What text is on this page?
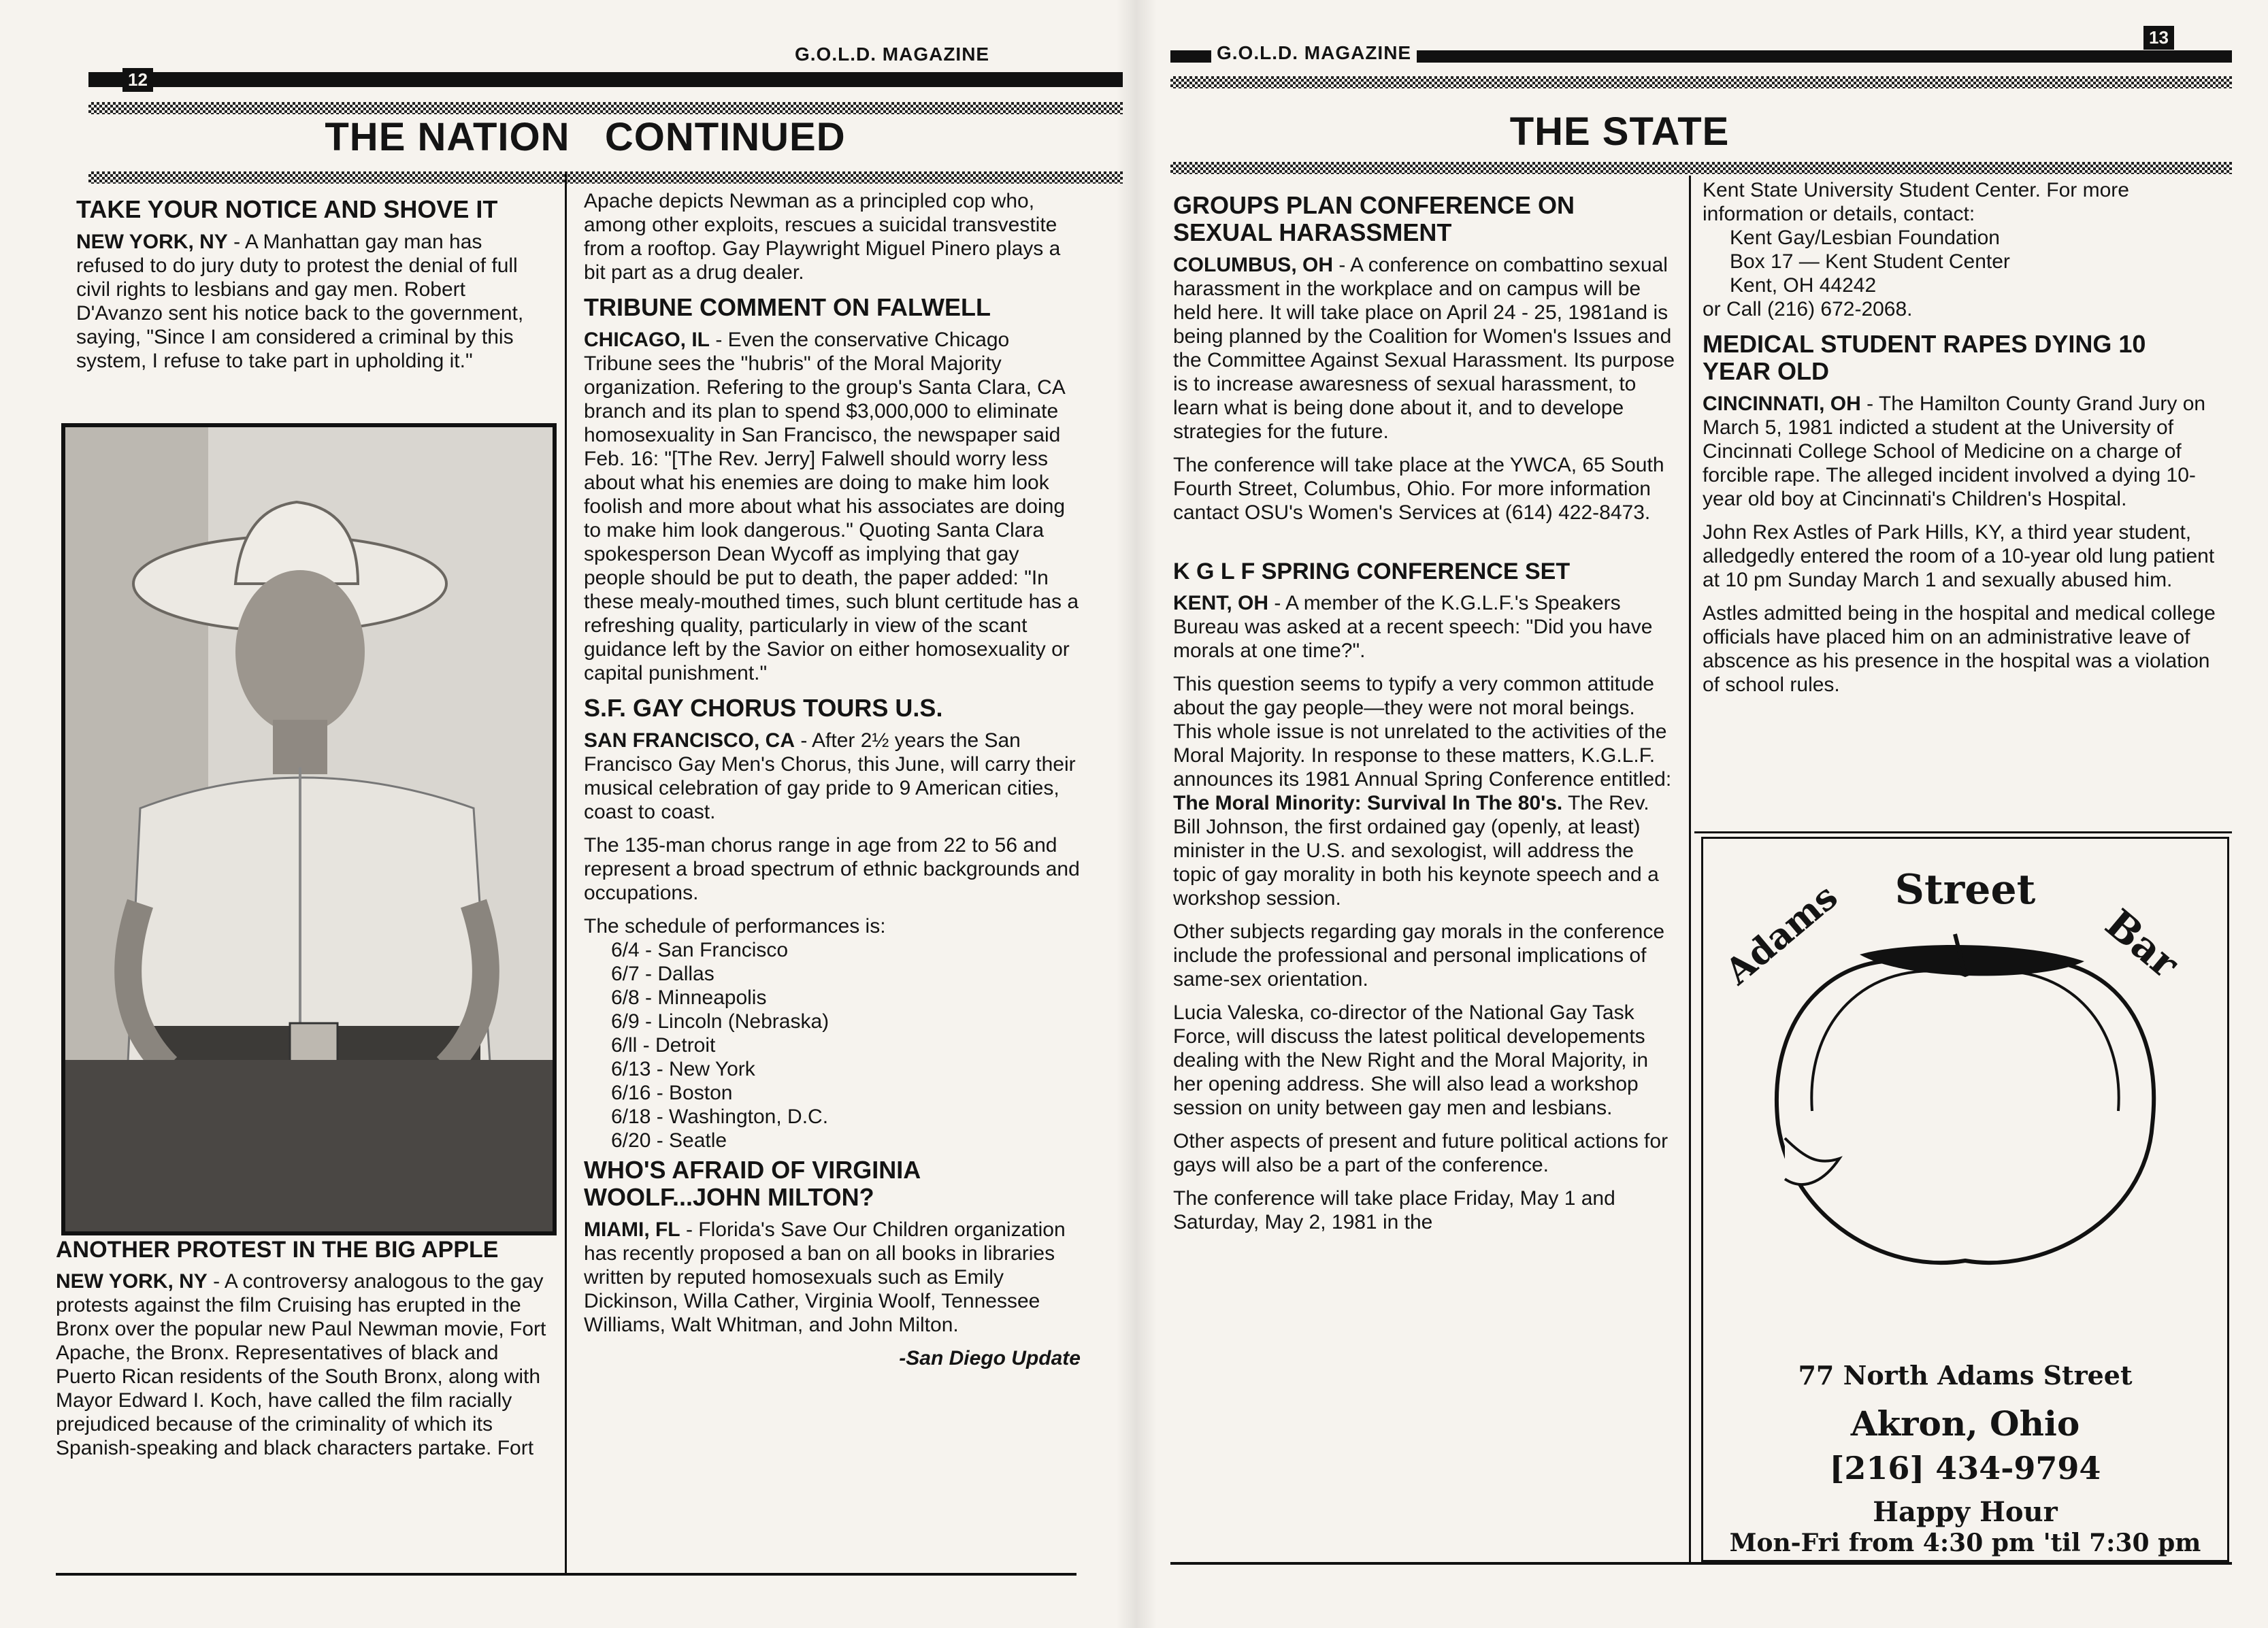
12
G.O.L.D. MAGAZINE
THE NATION   CONTINUED
TAKE YOUR NOTICE AND SHOVE IT

NEW YORK, NY - A Manhattan gay man has refused to do jury duty to protest the denial of full civil rights to lesbians and gay men. Robert D'Avanzo sent his notice back to the government, saying, "Since I am considered a criminal by this system, I refuse to take part in upholding it."

ANOTHER PROTEST IN THE BIG APPLE

NEW YORK, NY - A controversy analogous to the gay protests against the film Cruising has erupted in the Bronx over the popular new Paul Newman movie, Fort Apache, the Bronx. Representatives of black and Puerto Rican residents of the South Bronx, along with Mayor Edward I. Koch, have called the film racially prejudiced because of the criminality of which its Spanish-speaking and black characters partake. Fort

Apache depicts Newman as a principled cop who, among other exploits, rescues a suicidal transvestite from a rooftop. Gay Playwright Miguel Pinero plays a bit part as a drug dealer.

TRIBUNE COMMENT ON FALWELL

CHICAGO, IL - Even the conservative Chicago Tribune sees the "hubris" of the Moral Majority organization. Refering to the group's Santa Clara, CA branch and its plan to spend $3,000,000 to eliminate homosexuality in San Francisco, the newspaper said Feb. 16: "[The Rev. Jerry] Falwell should worry less about what his enemies are doing to make him look foolish and more about what his associates are doing to make him look dangerous." Quoting Santa Clara spokesperson Dean Wycoff as implying that gay people should be put to death, the paper added: "In these mealy-mouthed times, such blunt certitude has a refreshing quality, particularly in view of the scant guidance left by the Savior on either homosexuality or capital punishment."

S.F. GAY CHORUS TOURS U.S.

SAN FRANCISCO, CA - After 2½ years the San Francisco Gay Men's Chorus, this June, will carry their musical celebration of gay pride to 9 American cities, coast to coast.

The 135-man chorus range in age from 22 to 56 and represent a broad spectrum of ethnic backgrounds and occupations.

The schedule of performances is:

6/4 - San Francisco
6/7 - Dallas
6/8 - Minneapolis
6/9 - Lincoln (Nebraska)
6/ll - Detroit
6/13 - New York
6/16 - Boston
6/18 - Washington, D.C.
6/20 - Seatle
WHO'S AFRAID OF VIRGINIA WOOLF...JOHN MILTON?

MIAMI, FL - Florida's Save Our Children organization has recently proposed a ban on all books in libraries written by reputed homosexuals such as Emily Dickinson, Willa Cather, Virginia Woolf, Tennessee Williams, Walt Whitman, and John Milton.

-San Diego Update
G.O.L.D. MAGAZINE
13
THE STATE
GROUPS PLAN CONFERENCE ON SEXUAL HARASSMENT

COLUMBUS, OH - A conference on combattino sexual harassment in the workplace and on campus will be held here. It will take place on April 24 - 25, 1981and is being planned by the Coalition for Women's Issues and the Committee Against Sexual Harassment. Its purpose is to increase awaresness of sexual harassment, to learn what is being done about it, and to develope strategies for the future.

The conference will take place at the YWCA, 65 South Fourth Street, Columbus, Ohio. For more information cantact OSU's Women's Services at (614) 422-8473.

K G L F SPRING CONFERENCE SET

KENT, OH - A member of the K.G.L.F.'s Speakers Bureau was asked at a recent speech: "Did you have morals at one time?".

This question seems to typify a very common attitude about the gay people—they were not moral beings. This whole issue is not unrelated to the activities of the Moral Majority. In response to these matters, K.G.L.F. announces its 1981 Annual Spring Conference entitled: The Moral Minority: Survival In The 80's. The Rev. Bill Johnson, the first ordained gay (openly, at least) minister in the U.S. and sexologist, will address the topic of gay morality in both his keynote speech and a workshop session.

Other subjects regarding gay morals in the conference include the professional and personal implications of same-sex orientation.

Lucia Valeska, co-director of the National Gay Task Force, will discuss the latest political developements dealing with the New Right and the Moral Majority, in her opening address. She will also lead a workshop session on unity between gay men and lesbians.

Other aspects of present and future political actions for gays will also be a part of the conference.

The conference will take place Friday, May 1 and Saturday, May 2, 1981 in the

Kent State University Student Center. For more information or details, contact:

Kent Gay/Lesbian Foundation
Box 17 — Kent Student Center
Kent, OH 44242

or Call (216) 672-2068.

MEDICAL STUDENT RAPES DYING 10 YEAR OLD

CINCINNATI, OH - The Hamilton County Grand Jury on March 5, 1981 indicted a student at the University of Cincinnati College School of Medicine on a charge of forcible rape. The alleged incident involved a dying 10-year old boy at Cincinnati's Children's Hospital.

John Rex Astles of Park Hills, KY, a third year student, alledgedly entered the room of a 10-year old lung patient at 10 pm Sunday March 1 and sexually abused him.

Astles admitted being in the hospital and medical college officials have placed him on an administrative leave of abscence as his presence in the hospital was a violation of school rules.

Adams	Street
Bar
77 North Adams Street
Akron, Ohio
[216] 434-9794
Happy Hour
Mon-Fri from 4:30 pm 'til 7:30 pm
